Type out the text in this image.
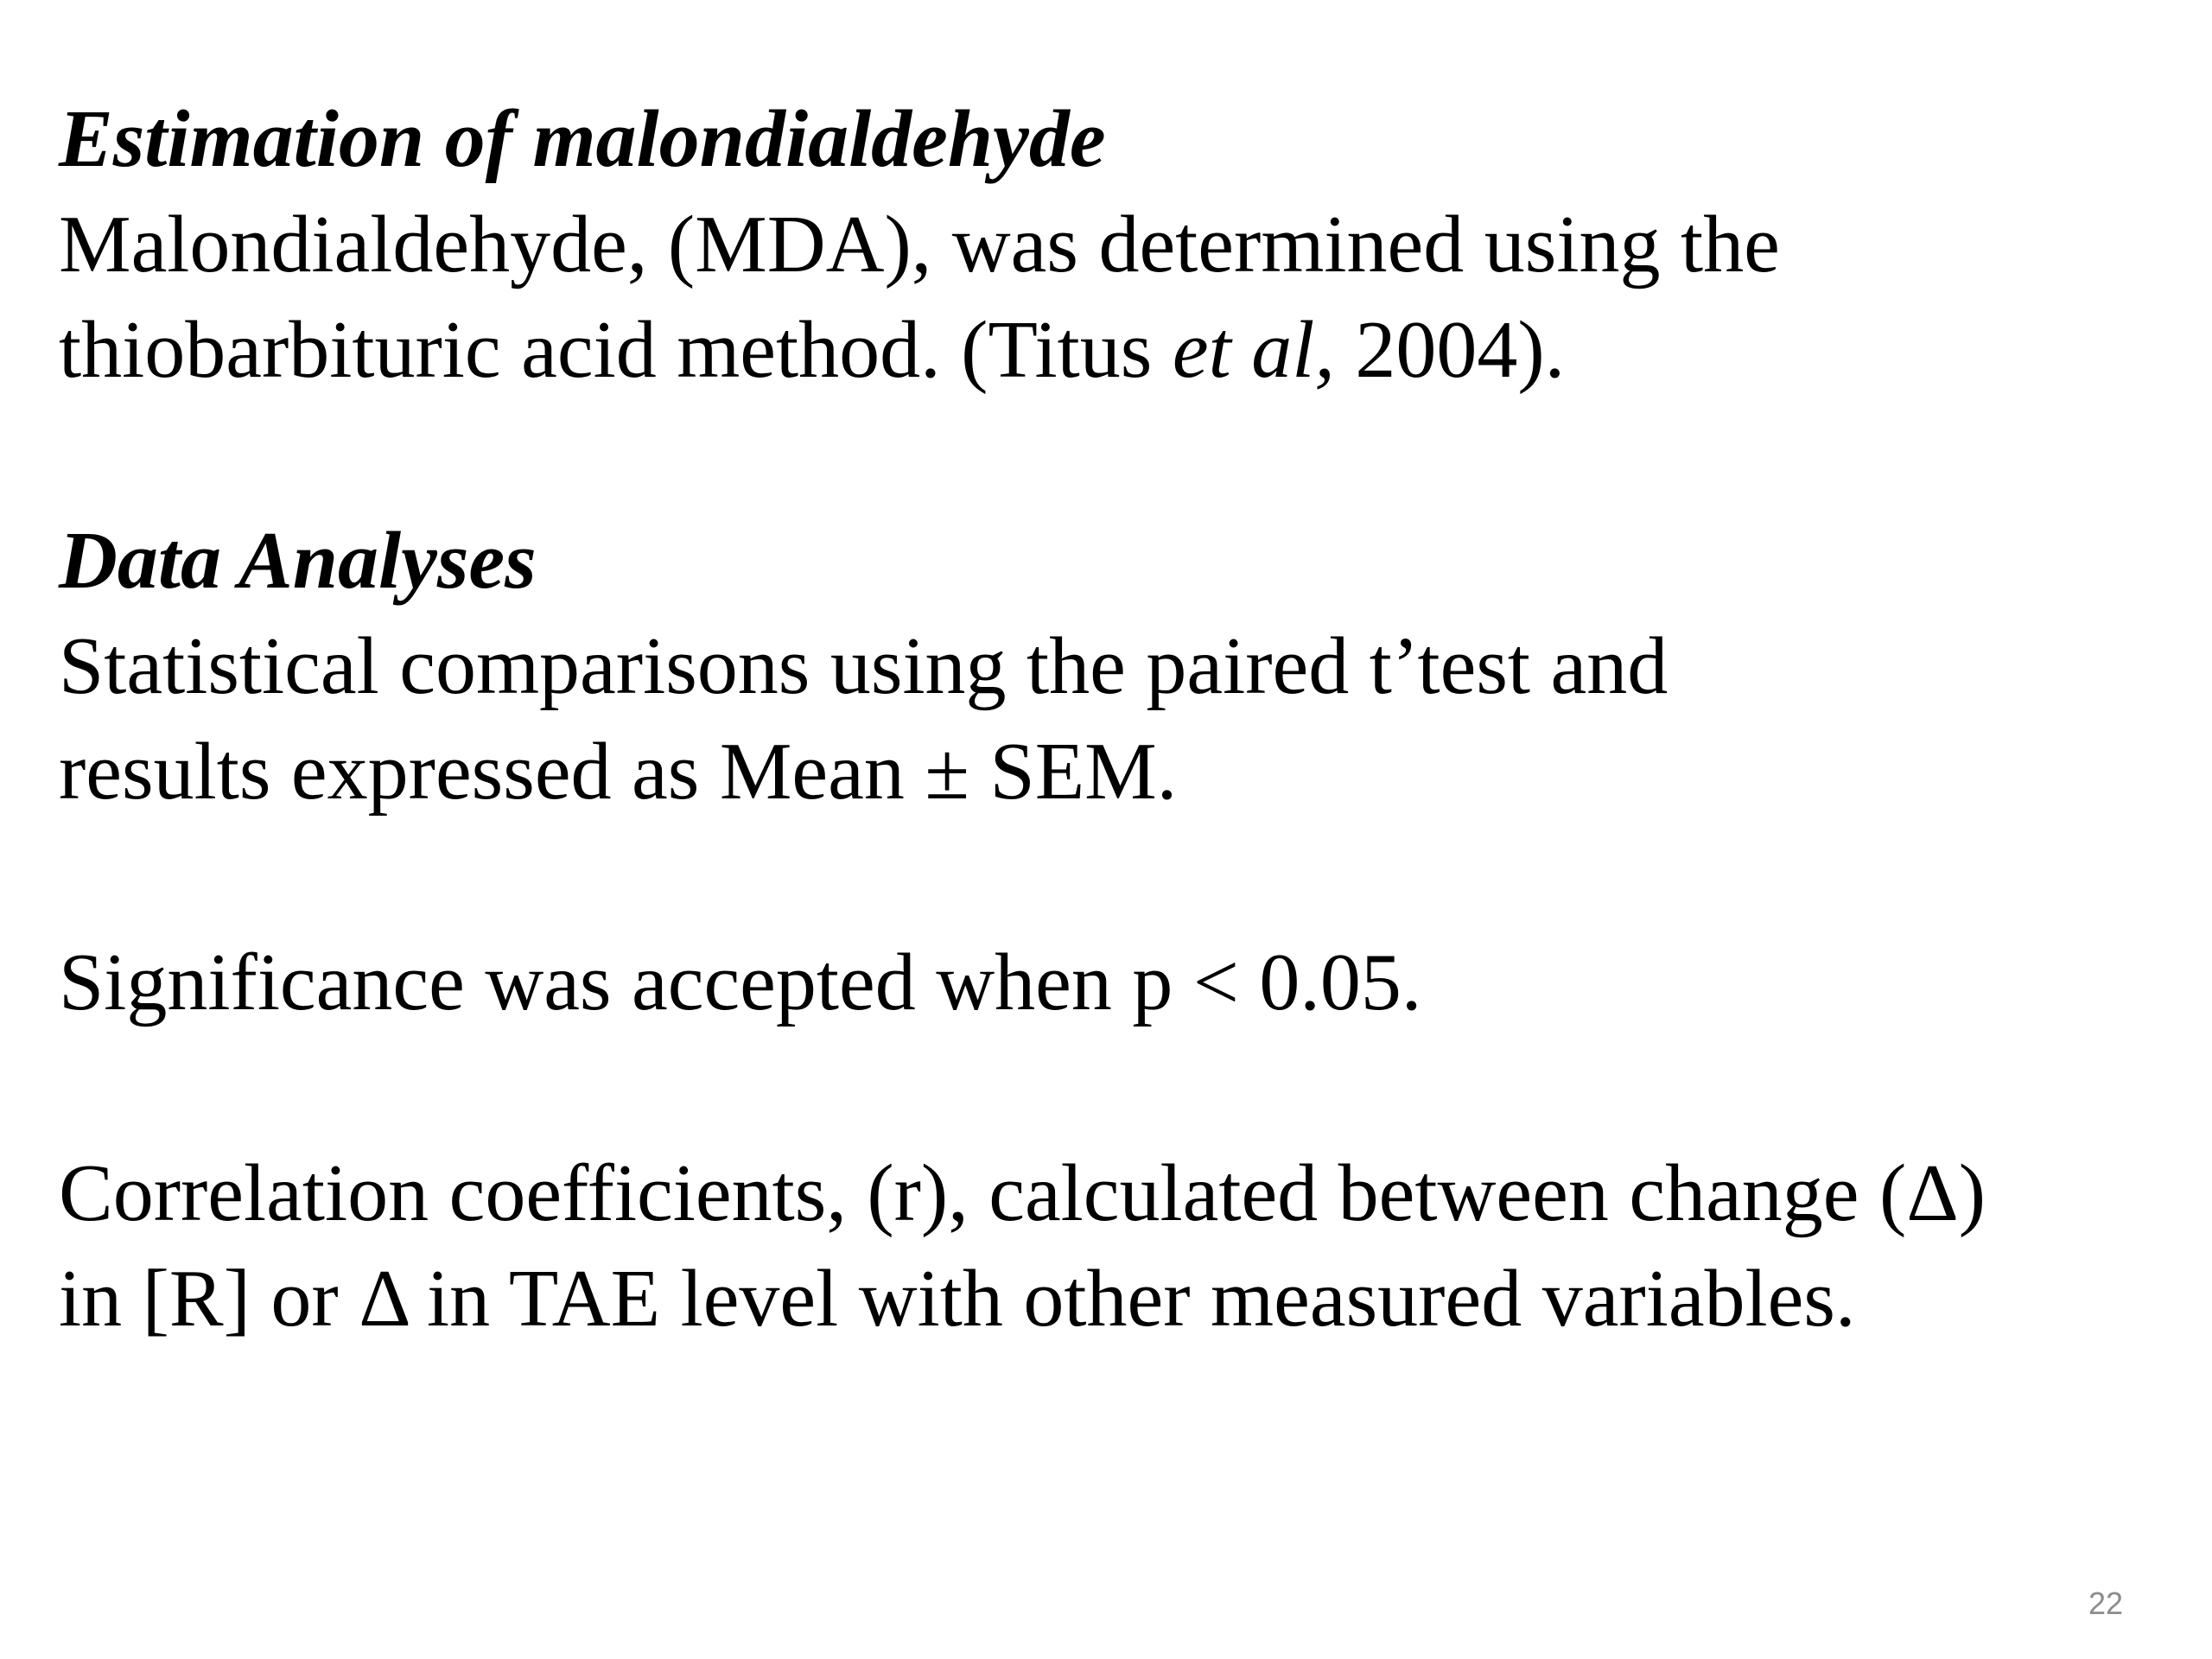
Estimation of malondialdehyde
Malondialdehyde, (MDA), was determined using the
thiobarbituric acid method. (Titus et al, 2004).
Data Analyses
Statistical comparisons using the paired t’test and
results expressed as Mean ± SEM.
Significance was accepted when p < 0.05.
Correlation coefficients, (r), calculated between change (Δ)
in [R] or Δ in TAE level with other measured variables.
22
